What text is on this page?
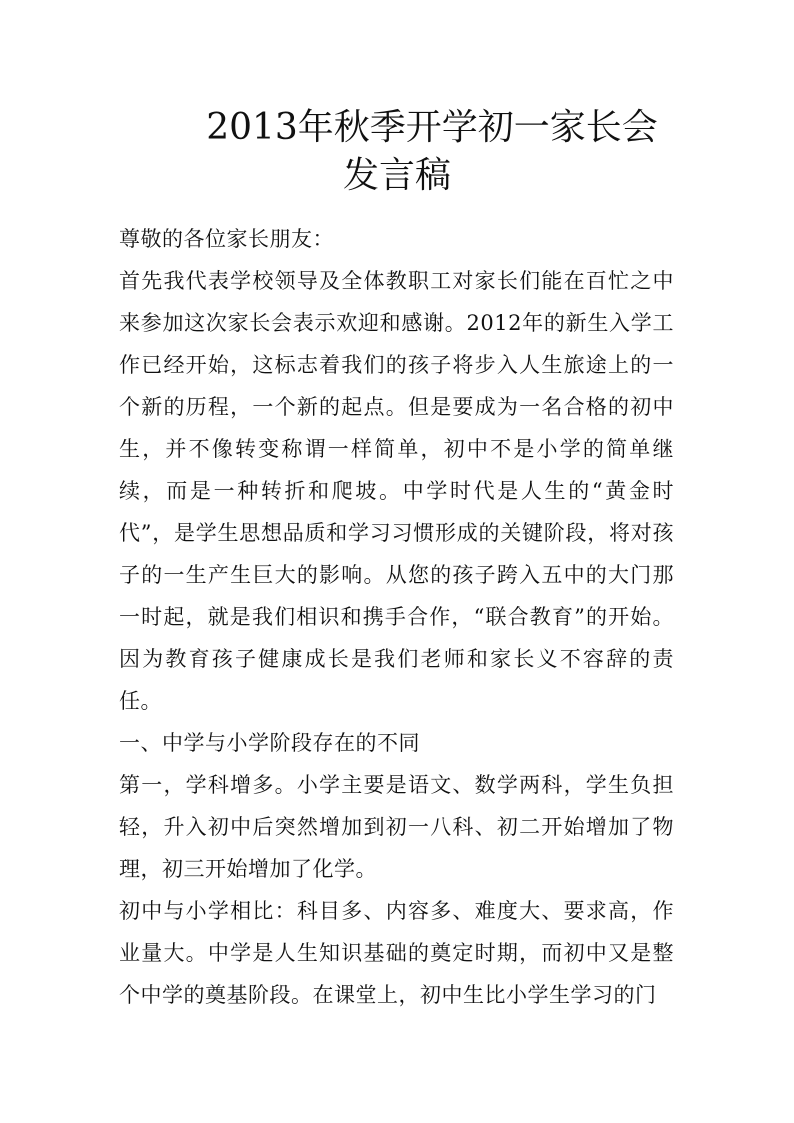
2013年秋季开学初一家长会
发言稿

尊敬的各位家长朋友：

首先我代表学校领导及全体教职工对家长们能在百忙之中来参加这次家长会表示欢迎和感谢。2012年的新生入学工作已经开始，这标志着我们的孩子将步入人生旅途上的一个新的历程，一个新的起点。但是要成为一名合格的初中生，并不像转变称谓一样简单，初中不是小学的简单继续，而是一种转折和爬坡。中学时代是人生的“黄金时代”，是学生思想品质和学习习惯形成的关键阶段，将对孩子的一生产生巨大的影响。从您的孩子跨入五中的大门那一时起，就是我们相识和携手合作，“联合教育”的开始。因为教育孩子健康成长是我们老师和家长义不容辞的责任。

一、中学与小学阶段存在的不同

第一，学科增多。小学主要是语文、数学两科，学生负担轻，升入初中后突然增加到初一八科、初二开始增加了物理，初三开始增加了化学。

初中与小学相比：科目多、内容多、难度大、要求高，作业量大。中学是人生知识基础的奠定时期，而初中又是整个中学的奠基阶段。在课堂上，初中生比小学生学习的门
